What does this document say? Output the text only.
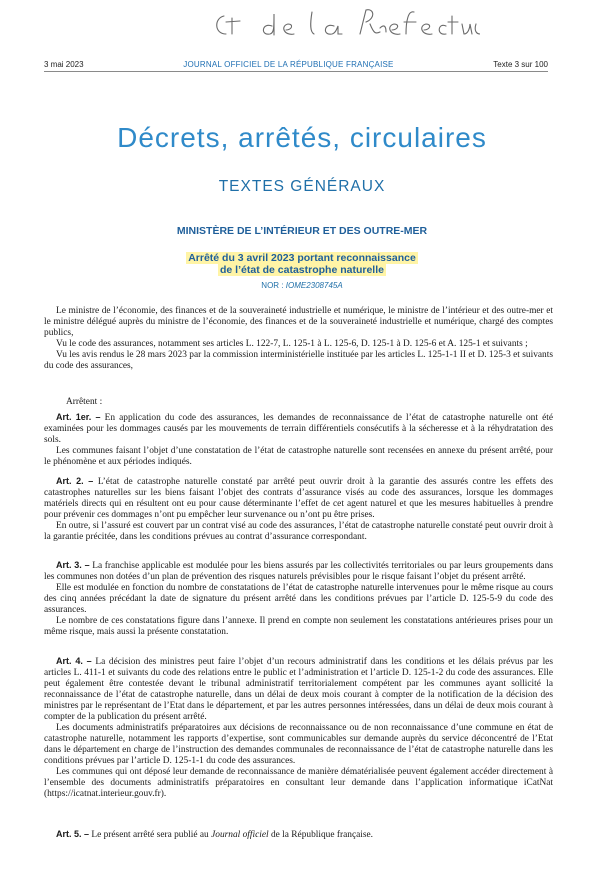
3 mai 2023	JOURNAL OFFICIEL DE LA RÉPUBLIQUE FRANÇAISE	Texte 3 sur 100
Décrets, arrêtés, circulaires
TEXTES GÉNÉRAUX
MINISTÈRE DE L’INTÉRIEUR ET DES OUTRE-MER
Arrêté du 3 avril 2023 portant reconnaissance
de l’état de catastrophe naturelle
NOR : IOME2308745A

Le ministre de l’économie, des finances et de la souveraineté industrielle et numérique, le ministre de l’intérieur et des outre-mer et le ministre délégué auprès du ministre de l’économie, des finances et de la souveraineté industrielle et numérique, chargé des comptes publics,

Vu le code des assurances, notamment ses articles L. 122-7, L. 125-1 à L. 125-6, D. 125-1 à D. 125-6 et A. 125-1 et suivants ;

Vu les avis rendus le 28 mars 2023 par la commission interministérielle instituée par les articles L. 125-1-1 II et D. 125-3 et suivants du code des assurances,

Arrêtent :

Art. 1er. – En application du code des assurances, les demandes de reconnaissance de l’état de catastrophe naturelle ont été examinées pour les dommages causés par les mouvements de terrain différentiels consécutifs à la sécheresse et à la réhydratation des sols.

Les communes faisant l’objet d’une constatation de l’état de catastrophe naturelle sont recensées en annexe du présent arrêté, pour le phénomène et aux périodes indiqués.

Art. 2. – L’état de catastrophe naturelle constaté par arrêté peut ouvrir droit à la garantie des assurés contre les effets des catastrophes naturelles sur les biens faisant l’objet des contrats d’assurance visés au code des assurances, lorsque les dommages matériels directs qui en résultent ont eu pour cause déterminante l’effet de cet agent naturel et que les mesures habituelles à prendre pour prévenir ces dommages n’ont pu empêcher leur survenance ou n’ont pu être prises.

En outre, si l’assuré est couvert par un contrat visé au code des assurances, l’état de catastrophe naturelle constaté peut ouvrir droit à la garantie précitée, dans les conditions prévues au contrat d’assurance correspondant.

Art. 3. – La franchise applicable est modulée pour les biens assurés par les collectivités territoriales ou par leurs groupements dans les communes non dotées d’un plan de prévention des risques naturels prévisibles pour le risque faisant l’objet du présent arrêté.

Elle est modulée en fonction du nombre de constatations de l’état de catastrophe naturelle intervenues pour le même risque au cours des cinq années précédant la date de signature du présent arrêté dans les conditions prévues par l’article D. 125-5-9 du code des assurances.

Le nombre de ces constatations figure dans l’annexe. Il prend en compte non seulement les constatations antérieures prises pour un même risque, mais aussi la présente constatation.

Art. 4. – La décision des ministres peut faire l’objet d’un recours administratif dans les conditions et les délais prévus par les articles L. 411-1 et suivants du code des relations entre le public et l’administration et l’article D. 125-1-2 du code des assurances. Elle peut également être contestée devant le tribunal administratif territorialement compétent par les communes ayant sollicité la reconnaissance de l’état de catastrophe naturelle, dans un délai de deux mois courant à compter de la notification de la décision des ministres par le représentant de l’Etat dans le département, et par les autres personnes intéressées, dans un délai de deux mois courant à compter de la publication du présent arrêté.

Les documents administratifs préparatoires aux décisions de reconnaissance ou de non reconnaissance d’une commune en état de catastrophe naturelle, notamment les rapports d’expertise, sont communicables sur demande auprès du service déconcentré de l’Etat dans le département en charge de l’instruction des demandes communales de reconnaissance de l’état de catastrophe naturelle dans les conditions prévues par l’article D. 125-1-1 du code des assurances.

Les communes qui ont déposé leur demande de reconnaissance de manière dématérialisée peuvent également accéder directement à l’ensemble des documents administratifs préparatoires en consultant leur demande dans l’application informatique iCatNat (https://icatnat.interieur.gouv.fr).

Art. 5. – Le présent arrêté sera publié au Journal officiel de la République française.
